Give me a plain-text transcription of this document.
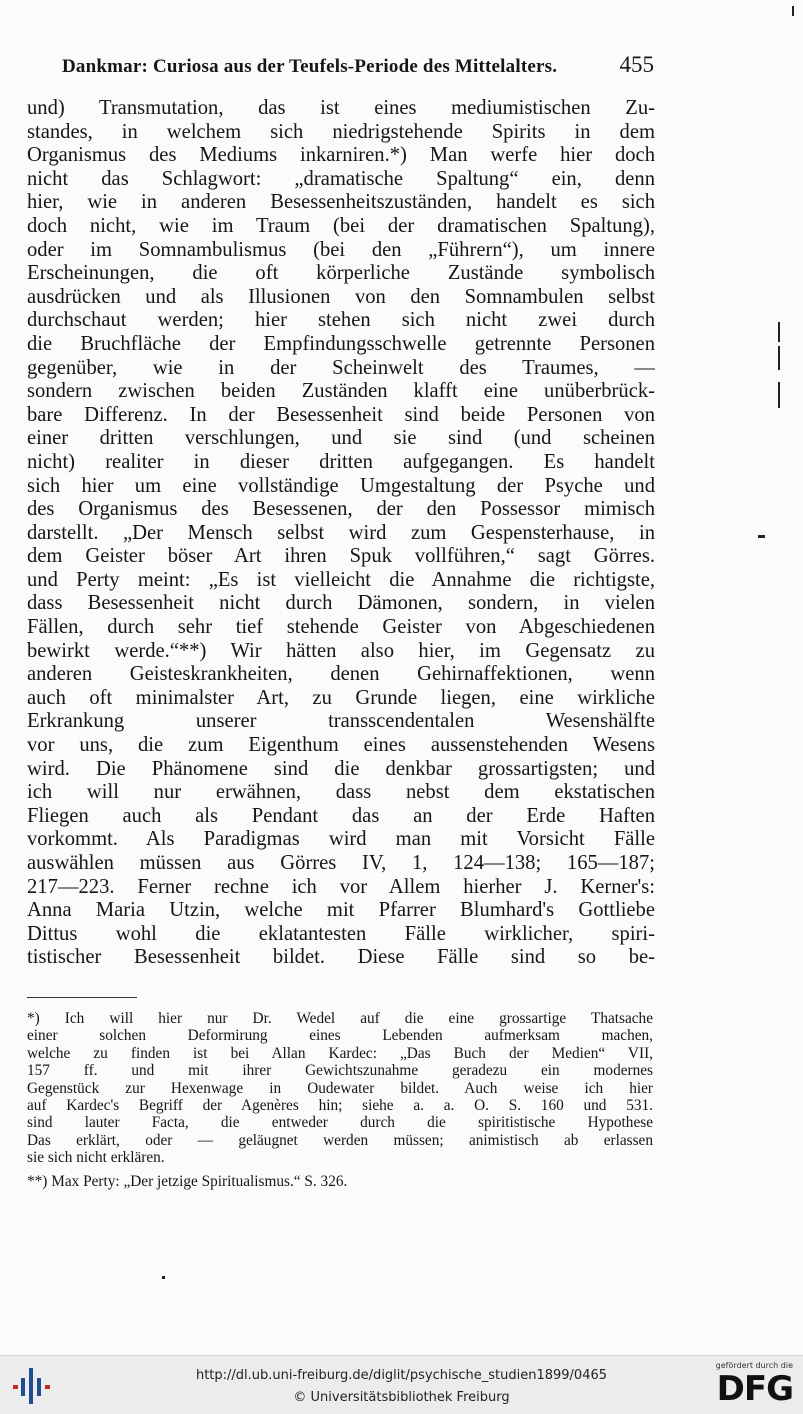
Dankmar: Curiosa aus der Teufels-Periode des Mittelalters.	455
und) Transmutation, das ist eines mediumistischen Zu-
standes, in welchem sich niedrigstehende Spirits in dem
Organismus des Mediums inkarniren.*) Man werfe hier doch
nicht das Schlagwort: „dramatische Spaltung“ ein, denn
hier, wie in anderen Besessenheitszuständen, handelt es sich
doch nicht, wie im Traum (bei der dramatischen Spaltung),
oder im Somnambulismus (bei den „Führern“), um innere
Erscheinungen, die oft körperliche Zustände symbolisch
ausdrücken und als Illusionen von den Somnambulen selbst
durchschaut werden; hier stehen sich nicht zwei durch
die Bruchfläche der Empfindungsschwelle getrennte Personen
gegenüber, wie in der Scheinwelt des Traumes, —
sondern zwischen beiden Zuständen klafft eine unüberbrück-
bare Differenz. In der Besessenheit sind beide Personen von
einer dritten verschlungen, und sie sind (und scheinen
nicht) realiter in dieser dritten aufgegangen. Es handelt
sich hier um eine vollständige Umgestaltung der Psyche und
des Organismus des Besessenen, der den Possessor mimisch
darstellt. „Der Mensch selbst wird zum Gespensterhause, in
dem Geister böser Art ihren Spuk vollführen,“ sagt Görres.
und Perty meint: „Es ist vielleicht die Annahme die richtigste,
dass Besessenheit nicht durch Dämonen, sondern, in vielen
Fällen, durch sehr tief stehende Geister von Abgeschiedenen
bewirkt werde.“**) Wir hätten also hier, im Gegensatz zu
anderen Geisteskrankheiten, denen Gehirnaffektionen, wenn
auch oft minimalster Art, zu Grunde liegen, eine wirkliche
Erkrankung unserer transscendentalen Wesenshälfte
vor uns, die zum Eigenthum eines aussenstehenden Wesens
wird. Die Phänomene sind die denkbar grossartigsten; und
ich will nur erwähnen, dass nebst dem ekstatischen
Fliegen auch als Pendant das an der Erde Haften
vorkommt. Als Paradigmas wird man mit Vorsicht Fälle
auswählen müssen aus Görres IV, 1, 124—138; 165—187;
217—223. Ferner rechne ich vor Allem hierher J. Kerner's:
Anna Maria Utzin, welche mit Pfarrer Blumhard's Gottliebe
Dittus wohl die eklatantesten Fälle wirklicher, spiri-
tistischer Besessenheit bildet. Diese Fälle sind so be-
*) Ich will hier nur Dr. Wedel auf die eine grossartige Thatsache
einer solchen Deformirung eines Lebenden aufmerksam machen,
welche zu finden ist bei Allan Kardec: „Das Buch der Medien“ VII,
157 ff. und mit ihrer Gewichtszunahme geradezu ein modernes
Gegenstück zur Hexenwage in Oudewater bildet. Auch weise ich hier
auf Kardec's Begriff der Agenères hin; siehe a. a. O. S. 160 und 531.
sind lauter Facta, die entweder durch die spiritistische Hypothese
Das erklärt, oder — geläugnet werden müssen; animistisch ab erlassen
sie sich nicht erklären.
**) Max Perty: „Der jetzige Spiritualismus.“ S. 326.
http://dl.ub.uni-freiburg.de/diglit/psychische_studien1899/0465
© Universitätsbibliothek Freiburg
gefördert durch die
DFG
